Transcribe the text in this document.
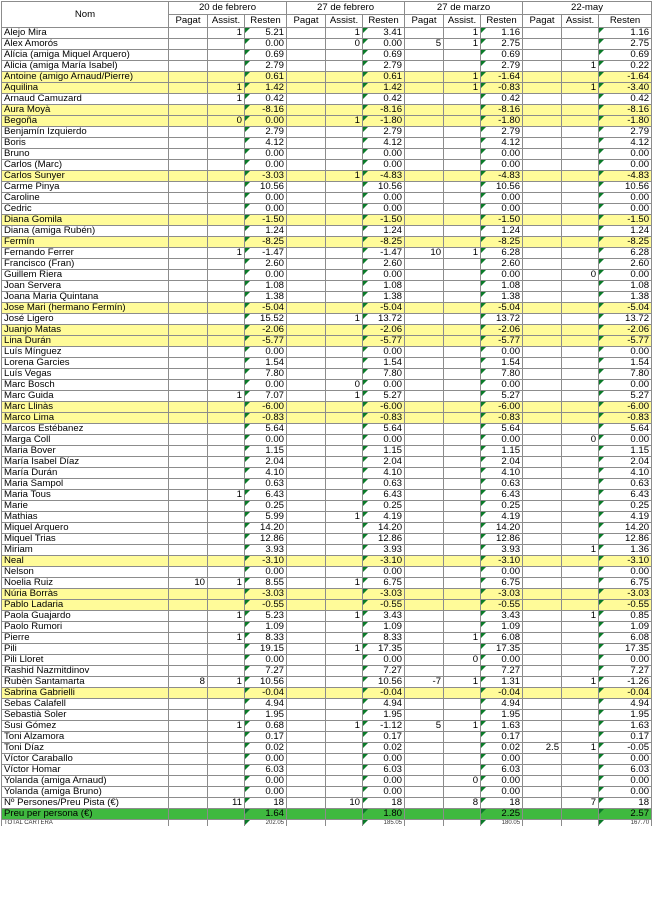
Nom	20 de febrero			27 de febrero			27 de marzo			22-may		
	Pagat	Assist.	Resten	Pagat	Assist.	Resten	Pagat	Assist.	Resten	Pagat	Assist.	Resten
Alejo Mira		1	5.21		1	3.41		1	1.16			1.16
Alex Amorós			0.00		0	0.00	5	1	2.75			2.75
Alícia (amiga Miquel Arquero)			0.69			0.69			0.69			0.69
Alicia (amiga María Isabel)			2.79			2.79			2.79		1	0.22
Antoine (amigo Arnaud/Pierre)			0.61			0.61		1	-1.64			-1.64
Aquilina		1	1.42			1.42		1	-0.83		1	-3.40
Arnaud Camuzard		1	0.42			0.42			0.42			0.42
Aura Moyà			-8.16			-8.16			-8.16			-8.16
Begoña		0	0.00		1	-1.80			-1.80			-1.80
Benjamín Izquierdo			2.79			2.79			2.79			2.79
Boris			4.12			4.12			4.12			4.12
Bruno			0.00			0.00			0.00			0.00
Carlos (Marc)			0.00			0.00			0.00			0.00
Carlos Sunyer			-3.03		1	-4.83			-4.83			-4.83
Carme Pinya			10.56			10.56			10.56			10.56
Caroline			0.00			0.00			0.00			0.00
Cedric			0.00			0.00			0.00			0.00
Diana Gomila			-1.50			-1.50			-1.50			-1.50
Diana (amiga Rubén)			1.24			1.24			1.24			1.24
Fermín			-8.25			-8.25			-8.25			-8.25
Fernando Ferrer		1	-1.47			-1.47	10	1	6.28			6.28
Francisco (Fran)			2.60			2.60			2.60			2.60
Guillem Riera			0.00			0.00			0.00		0	0.00
Joan Servera			1.08			1.08			1.08			1.08
Joana Maria Quintana			1.38			1.38			1.38			1.38
Jose Mari (hermano Fermín)			-5.04			-5.04			-5.04			-5.04
José Ligero			15.52		1	13.72			13.72			13.72
Juanjo Matas			-2.06			-2.06			-2.06			-2.06
Lina Durán			-5.77			-5.77			-5.77			-5.77
Luís Mínguez			0.00			0.00			0.00			0.00
Lorena Garcies			1.54			1.54			1.54			1.54
Luís Vegas			7.80			7.80			7.80			7.80
Marc Bosch			0.00		0	0.00			0.00			0.00
Marc Guida		1	7.07		1	5.27			5.27			5.27
Marc Llinàs			-6.00			-6.00			-6.00			-6.00
Marco Lima			-0.83			-0.83			-0.83			-0.83
Marcos Estébanez			5.64			5.64			5.64			5.64
Marga Coll			0.00			0.00			0.00		0	0.00
Maria Bover			1.15			1.15			1.15			1.15
María Isabel Díaz			2.04			2.04			2.04			2.04
María Durán			4.10			4.10			4.10			4.10
Maria Sampol			0.63			0.63			0.63			0.63
Maria Tous		1	6.43			6.43			6.43			6.43
Marie			0.25			0.25			0.25			0.25
Mathias			5.99		1	4.19			4.19			4.19
Miquel Arquero			14.20			14.20			14.20			14.20
Miquel Trias			12.86			12.86			12.86			12.86
Miriam			3.93			3.93			3.93		1	1.36
Neal			-3.10			-3.10			-3.10			-3.10
Nelson			0.00			0.00			0.00			0.00
Noelia Ruiz	10	1	8.55		1	6.75			6.75			6.75
Núria Borràs			-3.03			-3.03			-3.03			-3.03
Pablo Ladaria			-0.55			-0.55			-0.55			-0.55
Paola Guajardo		1	5.23		1	3.43			3.43		1	0.85
Paolo Rumori			1.09			1.09			1.09			1.09
Pierre		1	8.33			8.33		1	6.08			6.08
Pili			19.15		1	17.35			17.35			17.35
Pili Lloret			0.00			0.00		0	0.00			0.00
Rashid Nazmitdinov			7.27			7.27			7.27			7.27
Rubèn Santamarta	8	1	10.56			10.56	-7	1	1.31		1	-1.26
Sabrina Gabrielli			-0.04			-0.04			-0.04			-0.04
Sebas Calafell			4.94			4.94			4.94			4.94
Sebastià Soler			1.95			1.95			1.95			1.95
Susi Gómez		1	0.68		1	-1.12	5	1	1.63			1.63
Toni Alzamora			0.17			0.17			0.17			0.17
Toni Díaz			0.02			0.02			0.02	2.5	1	-0.05
Víctor Caraballo			0.00			0.00			0.00			0.00
Víctor Homar			6.03			6.03			6.03			6.03
Yolanda (amiga Arnaud)			0.00			0.00		0	0.00			0.00
Yolanda (amiga Bruno)			0.00			0.00			0.00			0.00
Nº Persones/Preu Pista (€)		11	18		10	18		8	18		7	18
Preu per persona (€)			1.64			1.80			2.25			2.57
TOTAL CARTERA			202.05			185.05			180.05			167.70
